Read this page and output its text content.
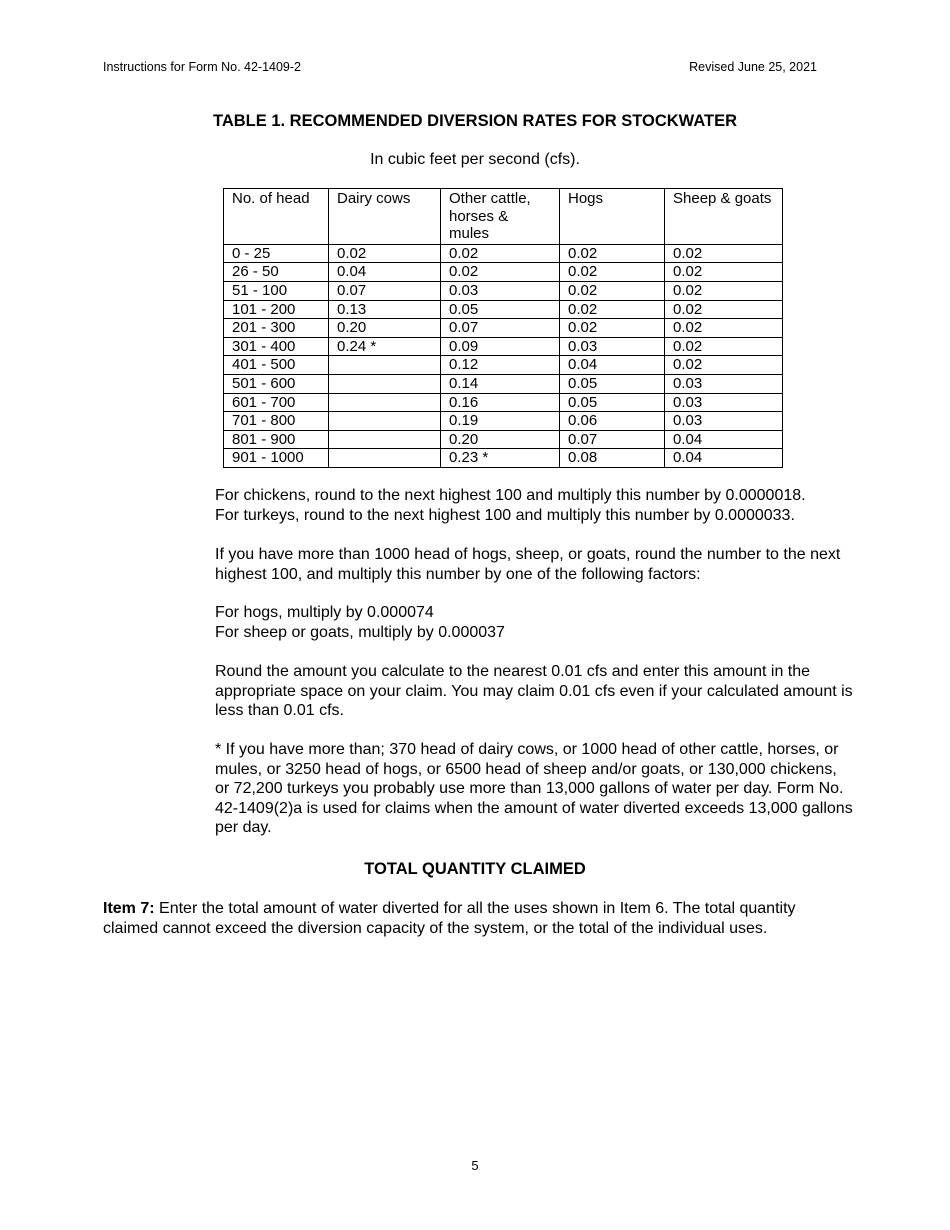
Instructions for Form No. 42-1409-2	Revised June 25, 2021
TABLE 1. RECOMMENDED DIVERSION RATES FOR STOCKWATER
In cubic feet per second (cfs).
No. of head	Dairy cows	Other cattle, horses & mules	Hogs	Sheep & goats
0 - 25	0.02	0.02	0.02	0.02
26 - 50	0.04	0.02	0.02	0.02
51 - 100	0.07	0.03	0.02	0.02
101 - 200	0.13	0.05	0.02	0.02
201 - 300	0.20	0.07	0.02	0.02
301 - 400	0.24 *	0.09	0.03	0.02
401 - 500		0.12	0.04	0.02
501 - 600		0.14	0.05	0.03
601 - 700		0.16	0.05	0.03
701 - 800		0.19	0.06	0.03
801 - 900		0.20	0.07	0.04
901 - 1000		0.23 *	0.08	0.04

For chickens, round to the next highest 100 and multiply this number by 0.0000018.

For turkeys, round to the next highest 100 and multiply this number by 0.0000033.

If you have more than 1000 head of hogs, sheep, or goats, round the number to the next highest 100, and multiply this number by one of the following factors:

For hogs, multiply by 0.000074

For sheep or goats, multiply by 0.000037

Round the amount you calculate to the nearest 0.01 cfs and enter this amount in the appropriate space on your claim. You may claim 0.01 cfs even if your calculated amount is less than 0.01 cfs.

* If you have more than; 370 head of dairy cows, or 1000 head of other cattle, horses, or mules, or 3250 head of hogs, or 6500 head of sheep and/or goats, or 130,000 chickens, or 72,200 turkeys you probably use more than 13,000 gallons of water per day. Form No. 42-1409(2)a is used for claims when the amount of water diverted exceeds 13,000 gallons per day.

TOTAL QUANTITY CLAIMED

Item 7: Enter the total amount of water diverted for all the uses shown in Item 6. The total quantity claimed cannot exceed the diversion capacity of the system, or the total of the individual uses.

5
